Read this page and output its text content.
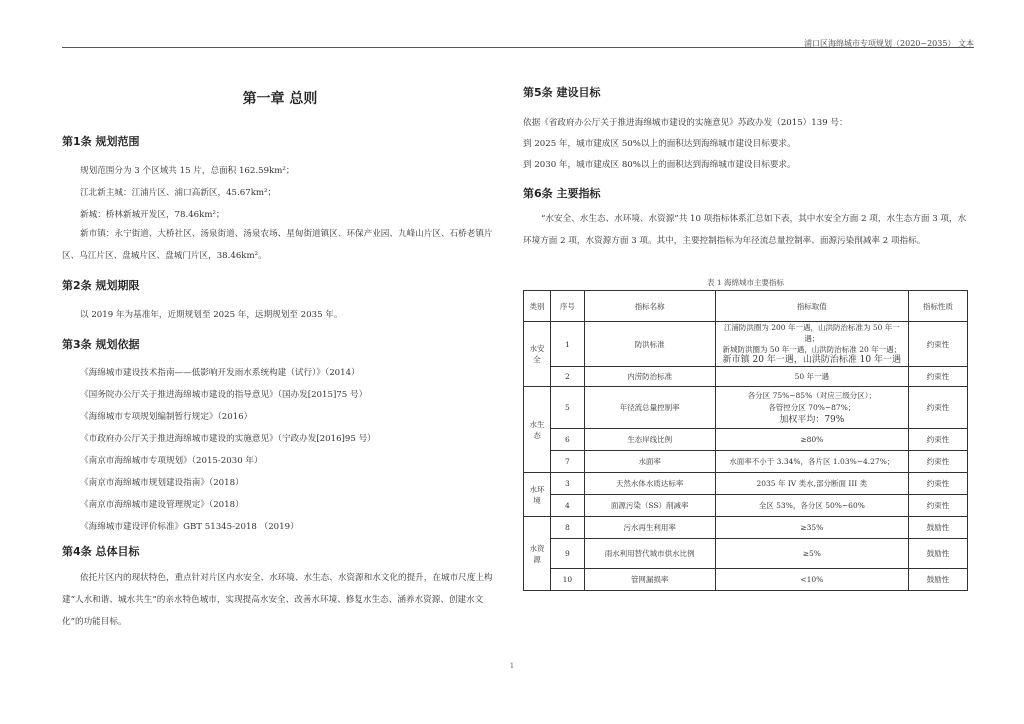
浦口区海绵城市专项规划（2020~2035） 文本
第一章 总则
第1条 规划范围
规划范围分为 3 个区域共 15 片，总面积 162.59km²；
江北新主城：江浦片区、浦口高新区，45.67km²；
新城：桥林新城开发区，78.46km²；
新市镇：永宁街道、大桥社区、汤泉街道、汤泉农场、星甸街道镇区、环保产业园、九峰山片区、石桥老镇片区、乌江片区、盘城片区、盘城门片区，38.46km²。
第2条 规划期限
以 2019 年为基准年，近期规划至 2025 年，远期规划至 2035 年。
第3条 规划依据
《海绵城市建设技术指南——低影响开发雨水系统构建（试行）》（2014）
《国务院办公厅关于推进海绵城市建设的指导意见》（国办发[2015]75 号）
《海绵城市专项规划编制暂行规定》（2016）
《市政府办公厅关于推进海绵城市建设的实施意见》（宁政办发[2016]95 号）
《南京市海绵城市专项规划》（2015-2030 年）
《南京市海绵城市规划建设指南》（2018）
《南京市海绵城市建设管理规定》（2018）
《海绵城市建设评价标准》GBT 51345-2018 （2019）
第4条 总体目标
依托片区内的现状特色，重点针对片区内水安全、水环境、水生态、水资源和水文化的提升，在城市尺度上构建“人水和谐、城水共生”的亲水特色城市，实现提高水安全、改善水环境、修复水生态、涵养水资源、创建水文化”的功能目标。
第5条 建设目标
依据《省政府办公厅关于推进海绵城市建设的实施意见》苏政办发（2015）139 号：
到 2025 年，城市建成区 50%以上的面积达到海绵城市建设目标要求。
到 2030 年，城市建成区 80%以上的面积达到海绵城市建设目标要求。
第6条 主要指标
“水安全、水生态、水环境、水资源”共 10 项指标体系汇总如下表，其中水安全方面 2 项，水生态方面 3 项，水环境方面 2 项，水资源方面 3 项。其中，主要控制指标为年径流总量控制率、面源污染削减率 2 项指标。
表 1 海绵城市主要指标
类别	序号	指标名称	指标取值	指标性质
水安全	1	防洪标准	江浦防洪圈为 200 年一遇，山洪防治标准为 50 年一遇；
新城防洪圈为 50 年一遇，山洪防治标准 20 年一遇；
新市镇 20 年一遇，山洪防治标准 10 年一遇	约束性
	2	内涝防治标准	50 年一遇	约束性
水生态	5	年径流总量控制率	各分区 75%~85%（对应三级分区）；
各管控分区 70%~87%；
加权平均：79%	约束性
	6	生态岸线比例	≥80%	约束性
	7	水面率	水面率不小于 3.34%，各片区 1.03%~4.27%；	约束性
水环境	3	天然水体水质达标率	2035 年 IV 类水,部分断面 III 类	约束性
	4	面源污染（SS）削减率	全区 53%，各分区 50%~60%	约束性
水资源	8	污水再生利用率	≥35%	鼓励性
	9	雨水利用替代城市供水比例	≥5%	鼓励性
	10	管网漏损率	<10%	鼓励性
1
